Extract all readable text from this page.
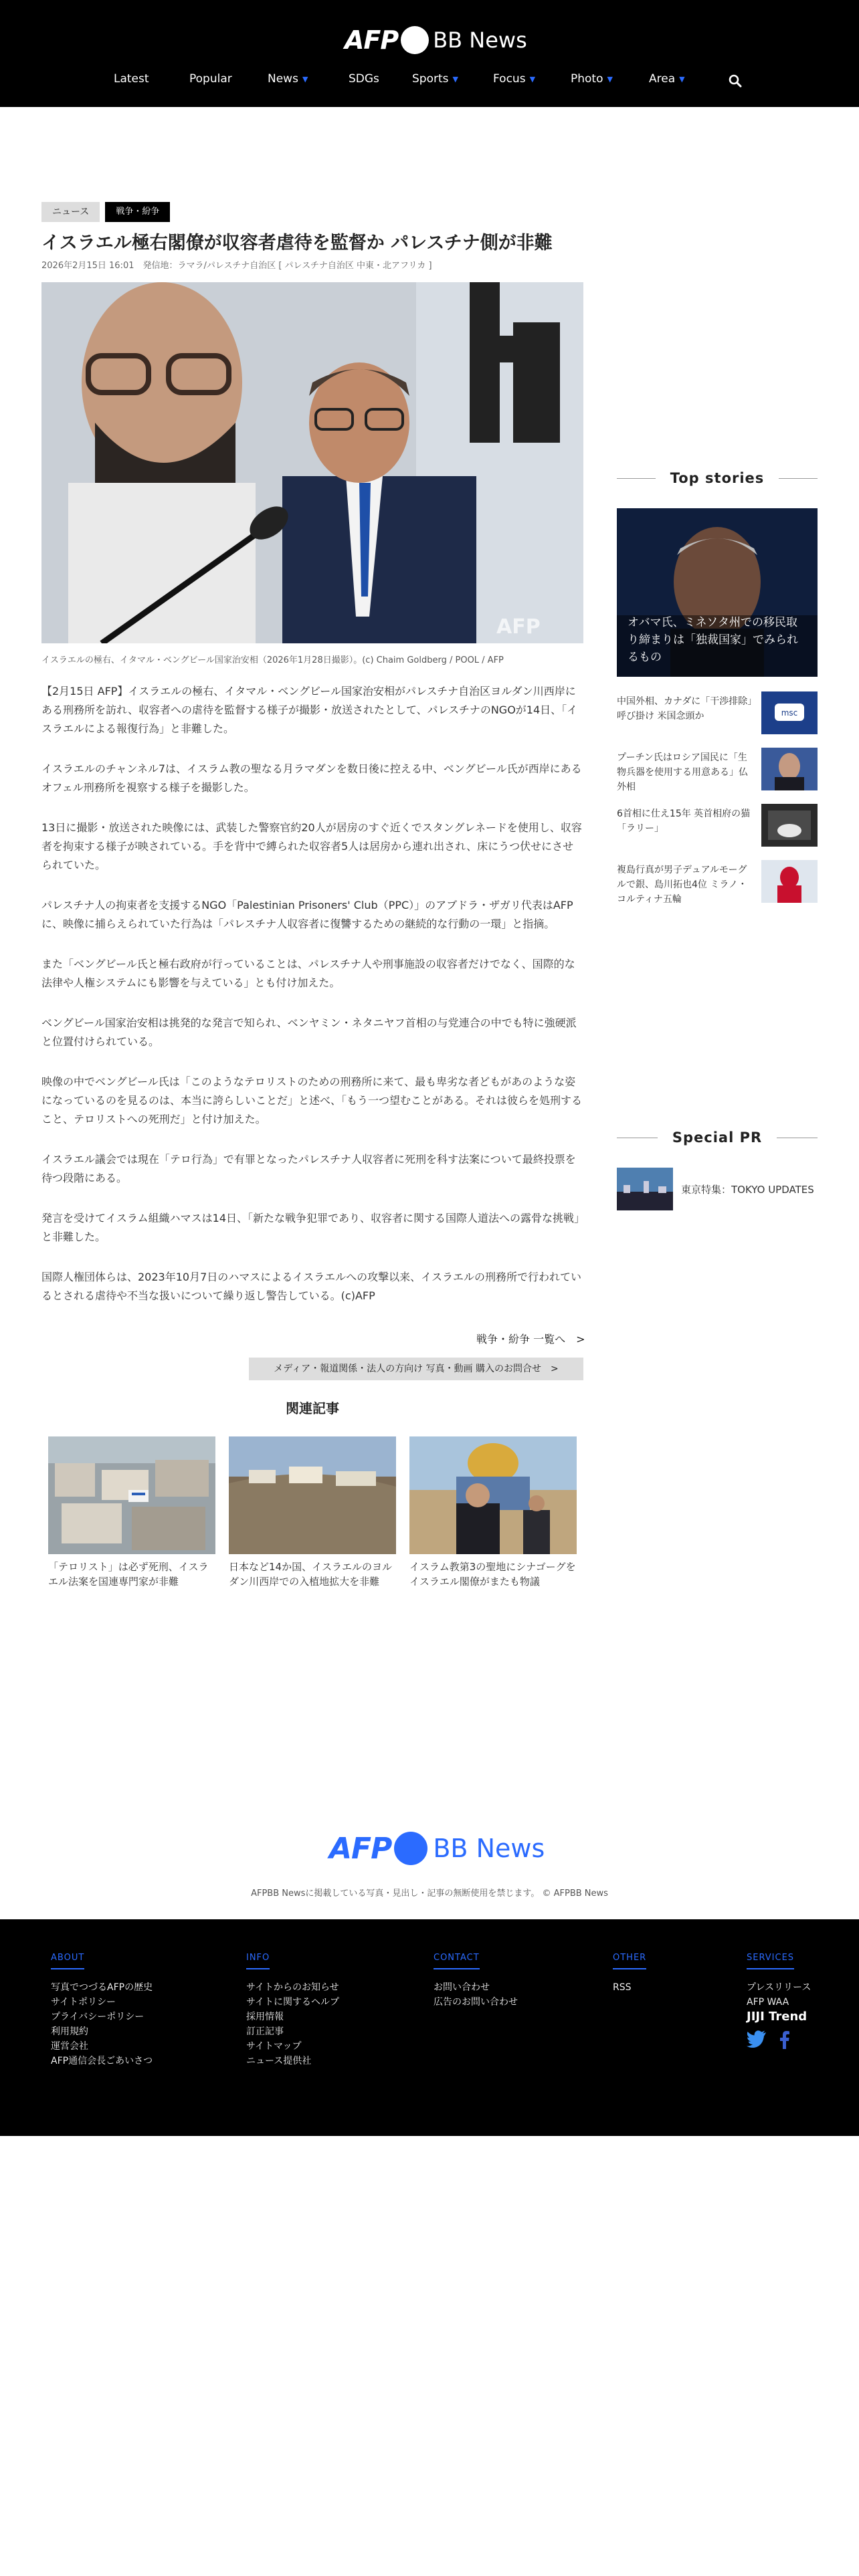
AFP BB News
Latest	Popular	News ▼	SDGs	Sports ▼	Focus ▼	Photo ▼	Area ▼
ニュース	戦争・紛争
イスラエル極右閣僚が収容者虐待を監督か パレスチナ側が非難
2026年2月15日 16:01　発信地：ラマラ/パレスチナ自治区 [ パレスチナ自治区 中東・北アフリカ ]
AFP
イスラエルの極右、イタマル・ベングビール国家治安相（2026年1月28日撮影）。(c) Chaim Goldberg / POOL / AFP

【2月15日 AFP】イスラエルの極右、イタマル・ベングビール国家治安相がパレスチナ自治区ヨルダン川西岸にある刑務所を訪れ、収容者への虐待を監督する様子が撮影・放送されたとして、パレスチナのNGOが14日、「イスラエルによる報復行為」と非難した。

イスラエルのチャンネル7は、イスラム教の聖なる月ラマダンを数日後に控える中、ベングビール氏が西岸にあるオフェル刑務所を視察する様子を撮影した。

13日に撮影・放送された映像には、武装した警察官約20人が居房のすぐ近くでスタングレネードを使用し、収容者を拘束する様子が映されている。手を背中で縛られた収容者5人は居房から連れ出され、床にうつ伏せにさせられていた。

パレスチナ人の拘束者を支援するNGO「Palestinian Prisoners' Club（PPC）」のアブドラ・ザガリ代表はAFPに、映像に捕らえられていた行為は「パレスチナ人収容者に復讐するための継続的な行動の一環」と指摘。

また「ベングビール氏と極右政府が行っていることは、パレスチナ人や刑事施設の収容者だけでなく、国際的な法律や人権システムにも影響を与えている」とも付け加えた。

ベングビール国家治安相は挑発的な発言で知られ、ベンヤミン・ネタニヤフ首相の与党連合の中でも特に強硬派と位置付けられている。

映像の中でベングビール氏は「このようなテロリストのための刑務所に来て、最も卑劣な者どもがあのような姿になっているのを見るのは、本当に誇らしいことだ」と述べ、「もう一つ望むことがある。それは彼らを処刑すること、テロリストへの死刑だ」と付け加えた。

イスラエル議会では現在「テロ行為」で有罪となったパレスチナ人収容者に死刑を科す法案について最終投票を待つ段階にある。

発言を受けてイスラム組織ハマスは14日、「新たな戦争犯罪であり、収容者に関する国際人道法への露骨な挑戦」と非難した。

国際人権団体らは、2023年10月7日のハマスによるイスラエルへの攻撃以来、イスラエルの刑務所で行われているとされる虐待や不当な扱いについて繰り返し警告している。(c)AFP

戦争・紛争 一覧へ　>
メディア・報道関係・法人の方向け 写真・動画 購入のお問合せ　>
関連記事
「テロリスト」は必ず死刑、イスラエル法案を国連専門家が非難
日本など14か国、イスラエルのヨルダン川西岸での入植地拡大を非難
イスラム教第3の聖地にシナゴーグを イスラエル閣僚がまたも物議
Top stories
オバマ氏、ミネソタ州での移民取り締まりは「独裁国家」でみられるもの
中国外相、カナダに「干渉排除」呼び掛け 米国念頭か	msc
プーチン氏はロシア国民に「生物兵器を使用する用意ある」仏外相
6首相に仕え15年 英首相府の猫「ラリー」
複島行真が男子デュアルモーグルで銀、島川拓也4位 ミラノ・コルティナ五輪
Special PR
東京特集：TOKYO UPDATES
AFP BB News
AFPBB Newsに掲載している写真・見出し・記事の無断使用を禁じます。 © AFPBB News
ABOUT
写真でつづるAFPの歴史
サイトポリシー
プライバシーポリシー
利用規約
運営会社
AFP通信会長ごあいさつ
INFO
サイトからのお知らせ
サイトに関するヘルプ
採用情報
訂正記事
サイトマップ
ニュース提供社
CONTACT
お問い合わせ
広告のお問い合わせ
OTHER
RSS
SERVICES
プレスリリース
AFP WAA
JIJI Trend
